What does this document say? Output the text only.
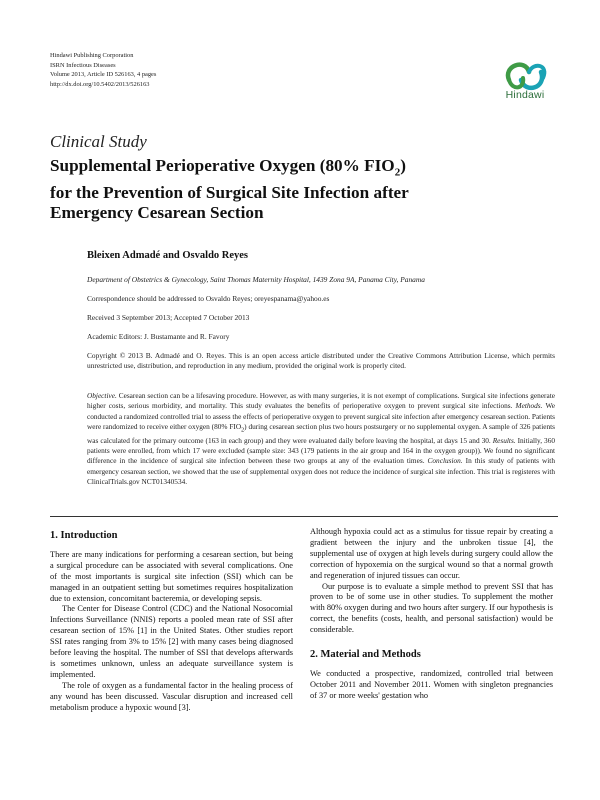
Hindawi Publishing Corporation
ISRN Infectious Diseases
Volume 2013, Article ID 526163, 4 pages
http://dx.doi.org/10.5402/2013/526163
Hindawi
Clinical Study
Supplemental Perioperative Oxygen (80% $FIO_2$)
for the Prevention of Surgical Site Infection after
Emergency Cesarean Section
Bleixen Admadé and Osvaldo Reyes
Department of Obstetrics & Gynecology, Saint Thomas Maternity Hospital, 1439 Zona 9A, Panama City, Panama
Correspondence should be addressed to Osvaldo Reyes; oreyespanama@yahoo.es
Received 3 September 2013; Accepted 7 October 2013
Academic Editors: J. Bustamante and R. Favory
Copyright © 2013 B. Admadé and O. Reyes. This is an open access article distributed under the Creative Commons Attribution License, which permits unrestricted use, distribution, and reproduction in any medium, provided the original work is properly cited.
Objective. Cesarean section can be a lifesaving procedure. However, as with many surgeries, it is not exempt of complications. Surgical site infections generate higher costs, serious morbidity, and mortality. This study evaluates the benefits of perioperative oxygen to prevent surgical site infections. Methods. We conducted a randomized controlled trial to assess the effects of perioperative oxygen to prevent surgical site infection after emergency cesarean section. Patients were randomized to receive either oxygen (80% $FIO_2$) during cesarean section plus two hours postsurgery or no supplemental oxygen. A sample of 326 patients was calculated for the primary outcome (163 in each group) and they were evaluated daily before leaving the hospital, at days 15 and 30. Results. Initially, 360 patients were enrolled, from which 17 were excluded (sample size: 343 (179 patients in the air group and 164 in the oxygen group)). We found no significant difference in the incidence of surgical site infection between these two groups at any of the evaluation times. Conclusion. In this study of patients with emergency cesarean section, we showed that the use of supplemental oxygen does not reduce the incidence of surgical site infection. This trial is registeres with ClinicalTrials.gov NCT01340534.
1. Introduction

There are many indications for performing a cesarean section, but being a surgical procedure can be associated with several complications. One of the most importants is surgical site infection (SSI) which can be managed in an outpatient setting but sometimes requires hospitalization due to extension, concomitant bacteremia, or developing sepsis.

The Center for Disease Control (CDC) and the National Nosocomial Infections Surveillance (NNIS) reports a pooled mean rate of SSI after cesarean section of 15% [1] in the United States. Other studies report SSI rates ranging from 3% to 15% [2] with many cases being diagnosed before leaving the hospital. The number of SSI that develops afterwards is sometimes unknown, unless an adequate surveillance system is implemented.

The role of oxygen as a fundamental factor in the healing process of any wound has been discussed. Vascular disruption and increased cell metabolism produce a hypoxic wound [3].

Although hypoxia could act as a stimulus for tissue repair by creating a gradient between the injury and the unbroken tissue [4], the supplemental use of oxygen at high levels during surgery could allow the correction of hypoxemia on the surgical wound so that a normal growth and regeneration of injured tissues can occur.

Our purpose is to evaluate a simple method to prevent SSI that has proven to be of some use in other studies. To supplement the mother with 80% oxygen during and two hours after surgery. If our hypothesis is correct, the benefits (costs, health, and personal satisfaction) would be considerable.

2. Material and Methods

We conducted a prospective, randomized, controlled trial between October 2011 and November 2011. Women with singleton pregnancies of 37 or more weeks' gestation who
